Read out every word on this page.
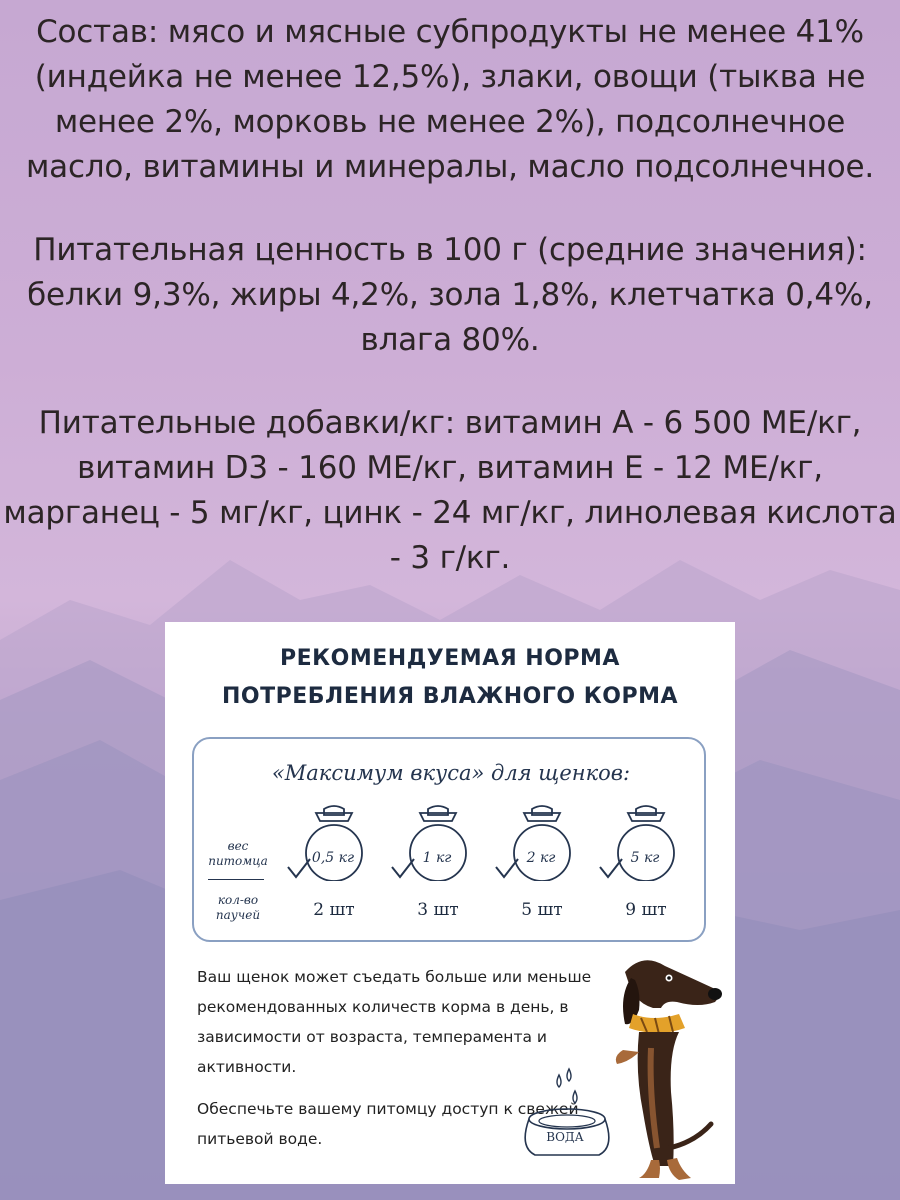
Состав: мясо и мясные субпродукты не менее 41% (индейка не менее 12,5%), злаки, овощи (тыква не менее 2%, морковь не менее 2%), подсолнечное масло, витамины и минералы, масло подсолнечное.

Питательная ценность в 100 г (средние значения): белки 9,3%, жиры 4,2%, зола 1,8%, клетчатка 0,4%, влага 80%.

Питательные добавки/кг: витамин А - 6 500 МЕ/кг, витамин D3 - 160 МЕ/кг, витамин Е - 12 МЕ/кг, марганец - 5 мг/кг, цинк - 24 мг/кг, линолевая кислота - 3 г/кг.

РЕКОМЕНДУЕМАЯ НОРМА
ПОТРЕБЛЕНИЯ ВЛАЖНОГО КОРМА
«Максимум вкуса» для щенков:
вес
питомца
кол-во
паучей
0,5 кг
2 шт
1 кг
3 шт
2 кг
5 шт
5 кг
9 шт

Ваш щенок может съедать больше или меньше рекомендованных количеств корма в день, в зависимости от возраста, темперамента и активности.

Обеспечьте вашему питомцу доступ к свежей питьевой воде.	ВОДА
